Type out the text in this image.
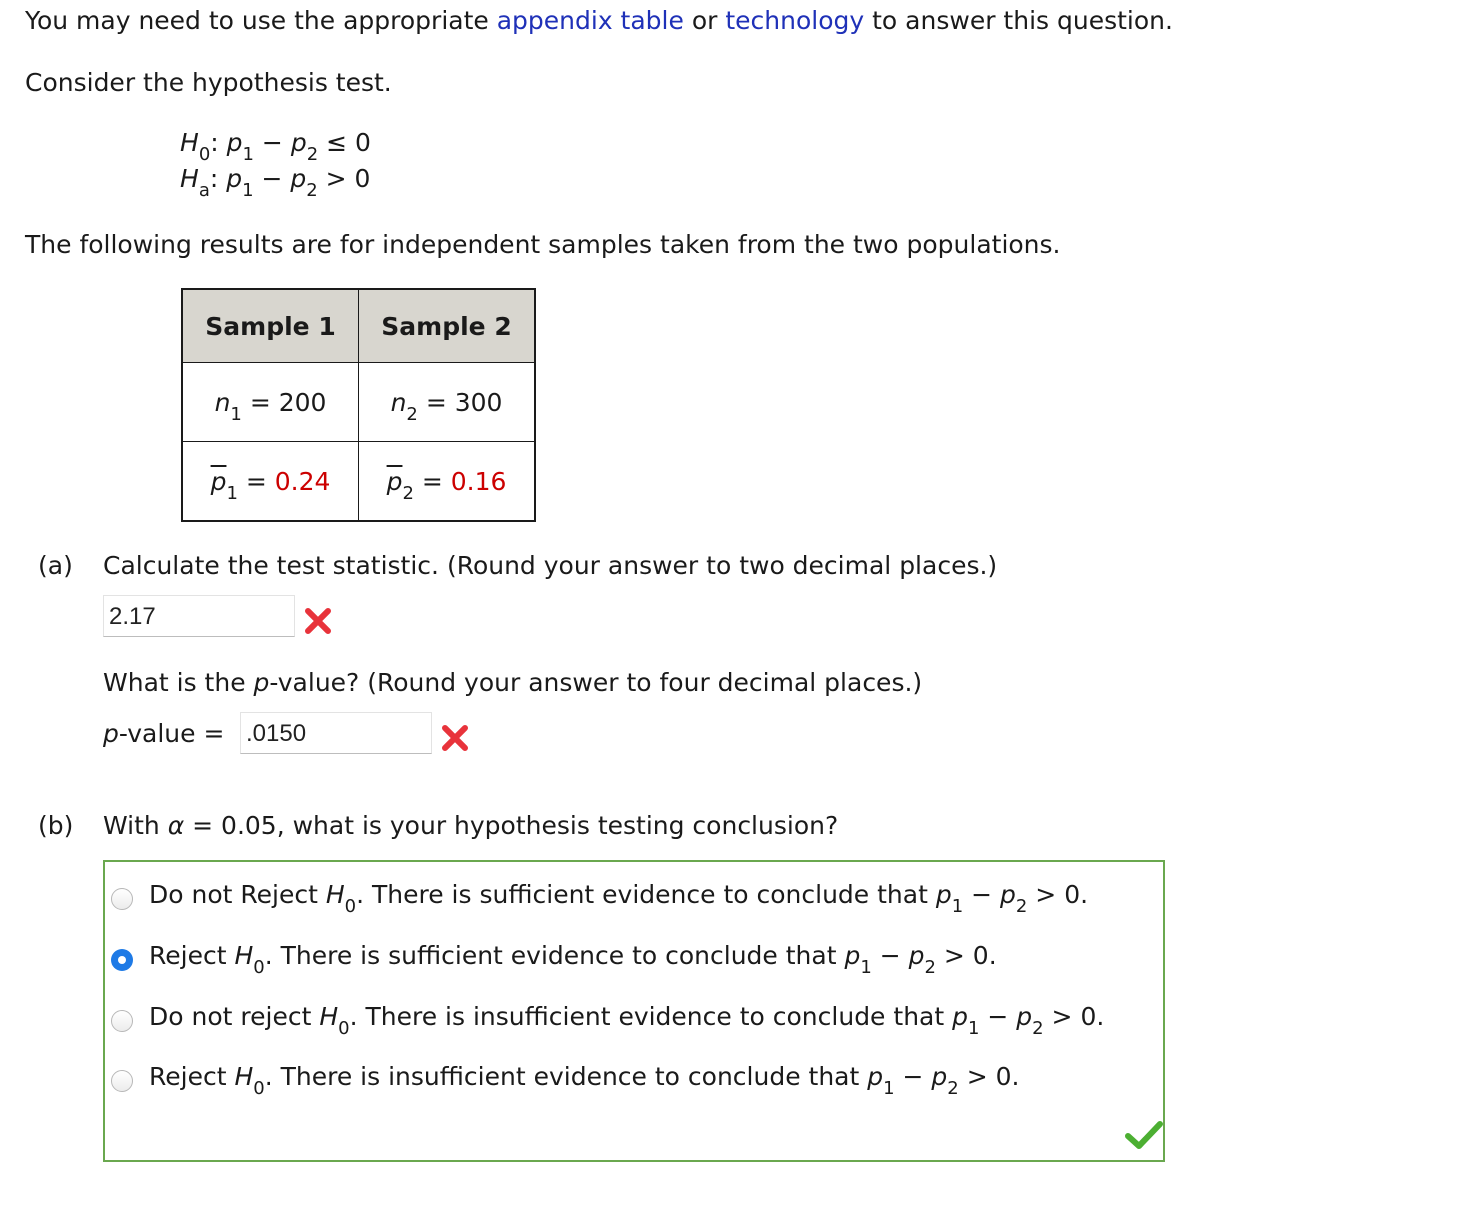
You may need to use the appropriate appendix table or technology to answer this question.
Consider the hypothesis test.
$H_0$: $p_1 - p_2 \le 0$
$H_a$: $p_1 - p_2 > 0$
The following results are for independent samples taken from the two populations.
Sample 1	Sample 2
$n_1 = 200$	$n_2 = 300$
$\overline{p}_1 = 0.24$	$\overline{p}_2 = 0.16$
(a) Calculate the test statistic. (Round your answer to two decimal places.)
2.17
What is the p-value? (Round your answer to four decimal places.)
p-value = .0150
(b) With α = 0.05, what is your hypothesis testing conclusion?
Do not Reject $H_0$. There is sufficient evidence to conclude that $p_1 - p_2 > 0$.
Reject $H_0$. There is sufficient evidence to conclude that $p_1 - p_2 > 0$.
Do not reject $H_0$. There is insufficient evidence to conclude that $p_1 - p_2 > 0$.
Reject $H_0$. There is insufficient evidence to conclude that $p_1 - p_2 > 0$.
